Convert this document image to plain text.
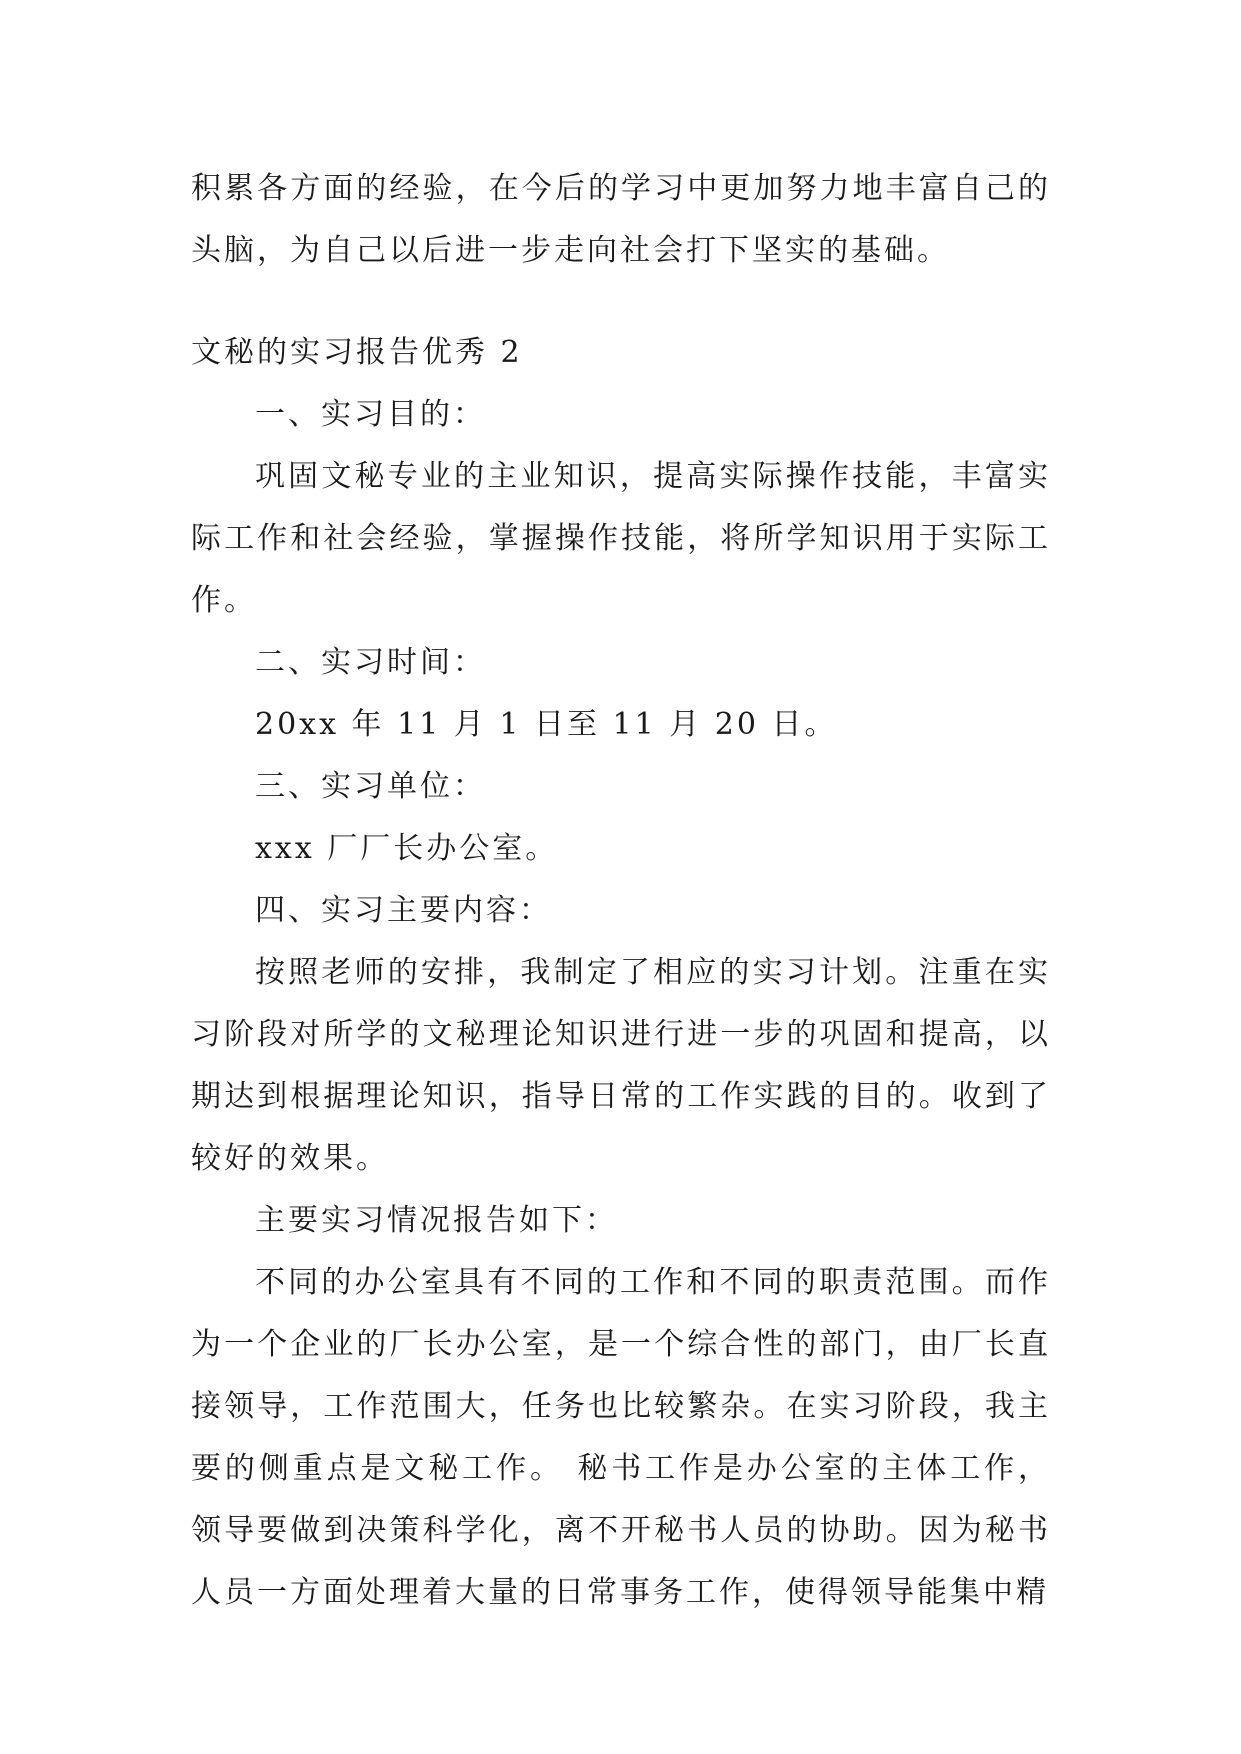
积累各方面的经验，在今后的学习中更加努力地丰富自己的头脑，为自己以后进一步走向社会打下坚实的基础。

文秘的实习报告优秀 2

一、实习目的：

巩固文秘专业的主业知识，提高实际操作技能，丰富实际工作和社会经验，掌握操作技能，将所学知识用于实际工作。

二、实习时间：

20xx 年 11 月 1 日至 11 月 20 日。

三、实习单位：

xxx 厂厂长办公室。

四、实习主要内容：

按照老师的安排，我制定了相应的实习计划。注重在实习阶段对所学的文秘理论知识进行进一步的巩固和提高，以期达到根据理论知识，指导日常的工作实践的目的。收到了较好的效果。

主要实习情况报告如下：

不同的办公室具有不同的工作和不同的职责范围。而作为一个企业的厂长办公室，是一个综合性的部门，由厂长直接领导，工作范围大，任务也比较繁杂。在实习阶段，我主要的侧重点是文秘工作。 秘书工作是办公室的主体工作，领导要做到决策科学化，离不开秘书人员的协助。因为秘书人员一方面处理着大量的日常事务工作，使得领导能集中精
